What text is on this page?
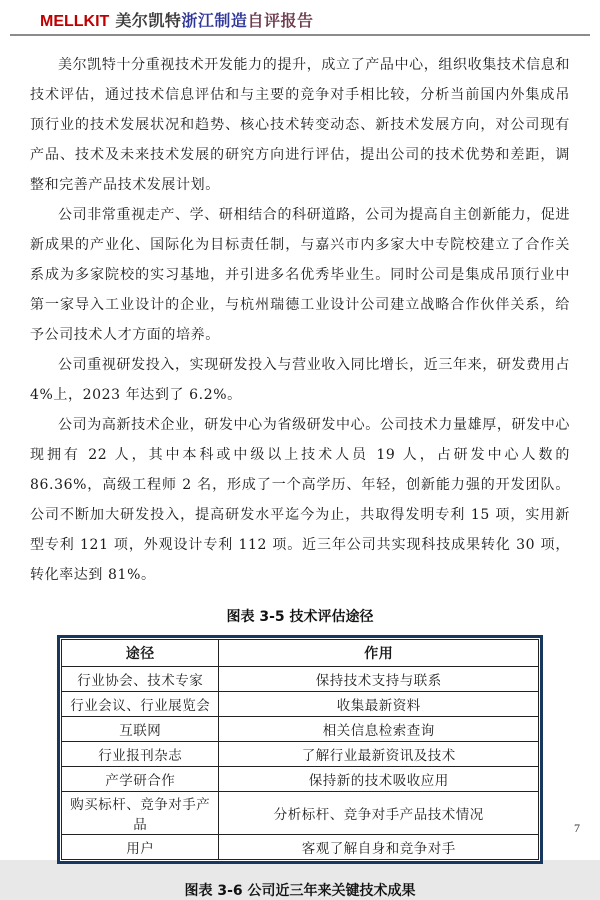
MELLKIT 美尔凯特浙江制造自评报告

美尔凯特十分重视技术开发能力的提升，成立了产品中心，组织收集技术信息和技术评估，通过技术信息评估和与主要的竞争对手相比较，分析当前国内外集成吊顶行业的技术发展状况和趋势、核心技术转变动态、新技术发展方向，对公司现有产品、技术及未来技术发展的研究方向进行评估，提出公司的技术优势和差距，调整和完善产品技术发展计划。

公司非常重视走产、学、研相结合的科研道路，公司为提高自主创新能力，促进新成果的产业化、国际化为目标责任制，与嘉兴市内多家大中专院校建立了合作关系成为多家院校的实习基地，并引进多名优秀毕业生。同时公司是集成吊顶行业中第一家导入工业设计的企业，与杭州瑞德工业设计公司建立战略合作伙伴关系，给予公司技术人才方面的培养。

公司重视研发投入，实现研发投入与营业收入同比增长，近三年来，研发费用占 4%上，2023 年达到了 6.2%。

公司为高新技术企业，研发中心为省级研发中心。公司技术力量雄厚，研发中心现拥有 22 人，其中本科或中级以上技术人员 19 人，占研发中心人数的 86.36%，高级工程师 2 名，形成了一个高学历、年轻，创新能力强的开发团队。公司不断加大研发投入，提高研发水平迄今为止，共取得发明专利 15 项，实用新型专利 121 项，外观设计专利 112 项。近三年公司共实现科技成果转化 30 项，转化率达到 81%。

图表 3-5 技术评估途径
途径	作用
行业协会、技术专家	保持技术支持与联系
行业会议、行业展览会	收集最新资料
互联网	相关信息检索查询
行业报刊杂志	了解行业最新资讯及技术
产学研合作	保持新的技术吸收应用
购买标杆、竞争对手产品	分析标杆、竞争对手产品技术情况
用户	客观了解自身和竞争对手
图表 3-6 公司近三年来关键技术成果
7
